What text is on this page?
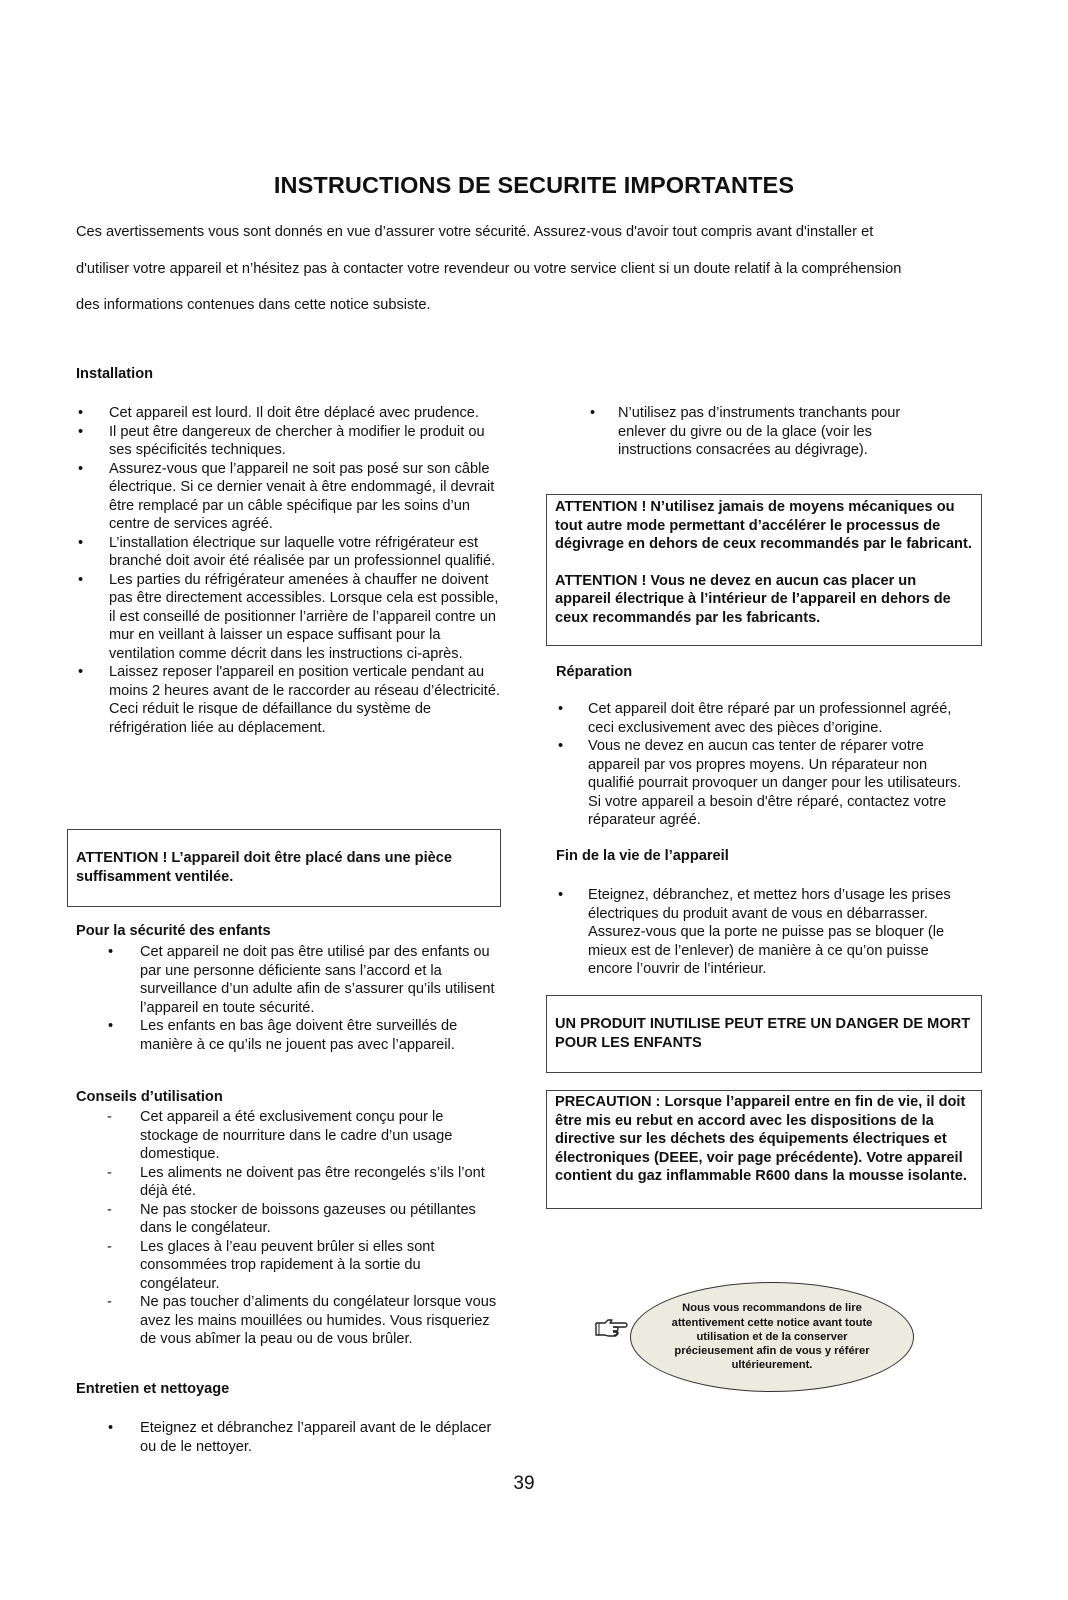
INSTRUCTIONS DE SECURITE IMPORTANTES

Ces avertissements vous sont donnés en vue d’assurer votre sécurité. Assurez-vous d'avoir tout compris avant d'installer et

d'utiliser votre appareil et n’hésitez pas à contacter votre revendeur ou votre service client si un doute relatif à la compréhension

des informations contenues dans cette notice subsiste.

Installation
• Cet appareil est lourd. Il doit être déplacé avec prudence.
• Il peut être dangereux de chercher à modifier le produit ou ses spécificités techniques.
• Assurez-vous que l’appareil ne soit pas posé sur son câble électrique. Si ce dernier venait à être endommagé, il devrait être remplacé par un câble spécifique par les soins d’un centre de services agréé.
• L’installation électrique sur laquelle votre réfrigérateur est branché doit avoir été réalisée par un professionnel qualifié.
• Les parties du réfrigérateur amenées à chauffer ne doivent pas être directement accessibles. Lorsque cela est possible, il est conseillé de positionner l’arrière de l’appareil contre un mur en veillant à laisser un espace suffisant pour la ventilation comme décrit dans les instructions ci-après.
• Laissez reposer l'appareil en position verticale pendant au moins 2 heures avant de le raccorder au réseau d’électricité. Ceci réduit le risque de défaillance du système de réfrigération liée au déplacement.

ATTENTION ! L’appareil doit être placé dans une pièce suffisamment ventilée.

Pour la sécurité des enfants
• Cet appareil ne doit pas être utilisé par des enfants ou par une personne déficiente sans l’accord et la surveillance d’un adulte afin de s’assurer qu’ils utilisent l’appareil en toute sécurité.
• Les enfants en bas âge doivent être surveillés de manière à ce qu’ils ne jouent pas avec l’appareil.
Conseils d’utilisation
- Cet appareil a été exclusivement conçu pour le stockage de nourriture dans le cadre d’un usage domestique.
- Les aliments ne doivent pas être recongelés s’ils l’ont déjà été.
- Ne pas stocker de boissons gazeuses ou pétillantes dans le congélateur.
- Les glaces à l’eau peuvent brûler si elles sont consommées trop rapidement à la sortie du congélateur.
- Ne pas toucher d’aliments du congélateur lorsque vous avez les mains mouillées ou humides. Vous risqueriez de vous abîmer la peau ou de vous brûler.
Entretien et nettoyage
• Eteignez et débranchez l’appareil avant de le déplacer ou de le nettoyer.
• N’utilisez pas d’instruments tranchants pour enlever du givre ou de la glace (voir les instructions consacrées au dégivrage).

ATTENTION ! N’utilisez jamais de moyens mécaniques ou tout autre mode permettant d’accélérer le processus de dégivrage en dehors de ceux recommandés par le fabricant.

ATTENTION ! Vous ne devez en aucun cas placer un appareil électrique à l’intérieur de l’appareil en dehors de ceux recommandés par les fabricants.

Réparation
• Cet appareil doit être réparé par un professionnel agréé, ceci exclusivement avec des pièces d’origine.
• Vous ne devez en aucun cas tenter de réparer votre appareil par vos propres moyens. Un réparateur non qualifié pourrait provoquer un danger pour les utilisateurs. Si votre appareil a besoin d'être réparé, contactez votre réparateur agréé.
Fin de la vie de l’appareil
• Eteignez, débranchez, et mettez hors d’usage les prises électriques du produit avant de vous en débarrasser. Assurez-vous que la porte ne puisse pas se bloquer (le mieux est de l’enlever) de manière à ce qu’on puisse encore l’ouvrir de l’intérieur.

UN PRODUIT INUTILISE PEUT ETRE UN DANGER DE MORT POUR LES ENFANTS

PRECAUTION : Lorsque l’appareil entre en fin de vie, il doit être mis eu rebut en accord avec les dispositions de la directive sur les déchets des équipements électriques et électroniques (DEEE, voir page précédente). Votre appareil contient du gaz inflammable R600 dans la mousse isolante.

Nous vous recommandons de lire attentivement cette notice avant toute utilisation et de la conserver précieusement afin de vous y référer ultérieurement.
39
